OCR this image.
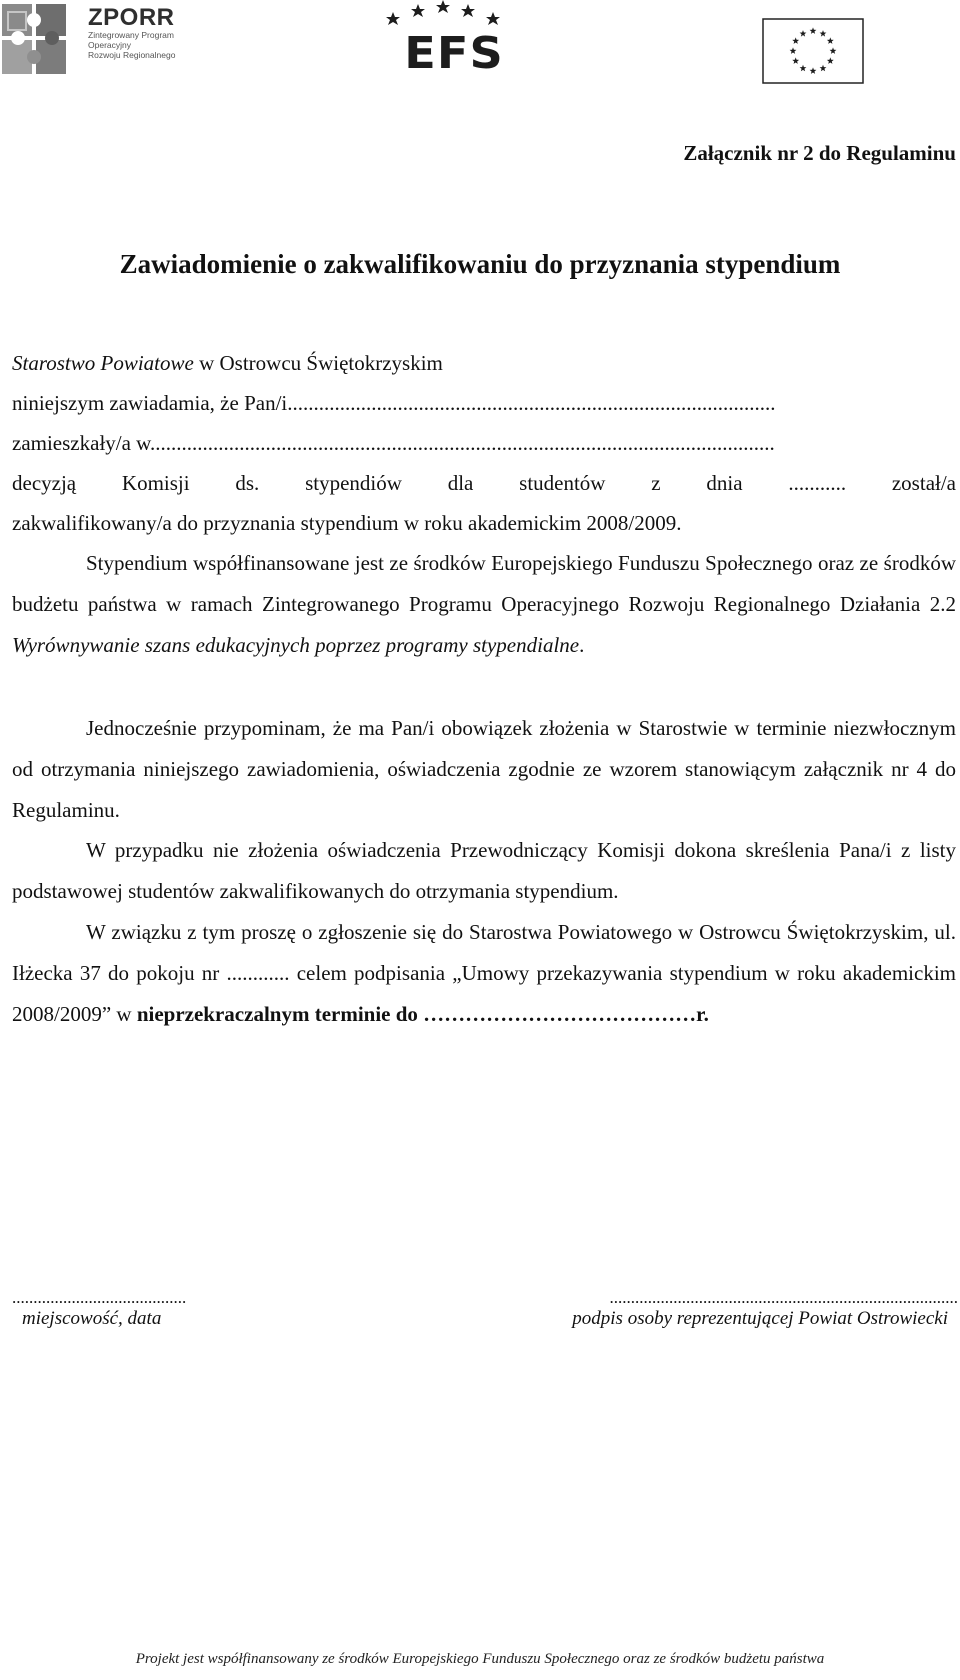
ZPORR
Zintegrowany Program
Operacyjny
Rozwoju Regionalnego	EFS
Załącznik nr 2 do Regulaminu
Zawiadomienie o zakwalifikowaniu do przyznania stypendium
Starostwo Powiatowe w Ostrowcu Świętokrzyskim
niniejszym zawiadamia, że Pan/i.............................................................................................
zamieszkały/a w.......................................................................................................................
decyzją Komisji ds. stypendiów dla studentów z dnia ........... został/a
zakwalifikowany/a do przyznania stypendium w roku akademickim 2008/2009.
Stypendium współfinansowane jest ze środków Europejskiego Funduszu Społecznego oraz ze środków budżetu państwa w ramach Zintegrowanego Programu Operacyjnego Rozwoju Regionalnego Działania 2.2 Wyrównywanie szans edukacyjnych poprzez programy stypendialne.
Jednocześnie przypominam, że ma Pan/i obowiązek złożenia w Starostwie w terminie niezwłocznym od otrzymania niniejszego zawiadomienia, oświadczenia zgodnie ze wzorem stanowiącym załącznik nr 4 do Regulaminu.
W przypadku nie złożenia oświadczenia Przewodniczący Komisji dokona skreślenia Pana/i z listy podstawowej studentów zakwalifikowanych do otrzymania stypendium.
W związku z tym proszę o zgłoszenie się do Starostwa Powiatowego w Ostrowcu Świętokrzyskim, ul. Iłżecka 37 do pokoju nr ............ celem podpisania „Umowy przekazywania stypendium w roku akademickim 2008/2009” w nieprzekraczalnym terminie do …………………………………r.
.........................................
miejscowość, data
..................................................................................
podpis osoby reprezentującej Powiat Ostrowiecki
Projekt jest współfinansowany ze środków Europejskiego Funduszu Społecznego oraz ze środków budżetu państwa
